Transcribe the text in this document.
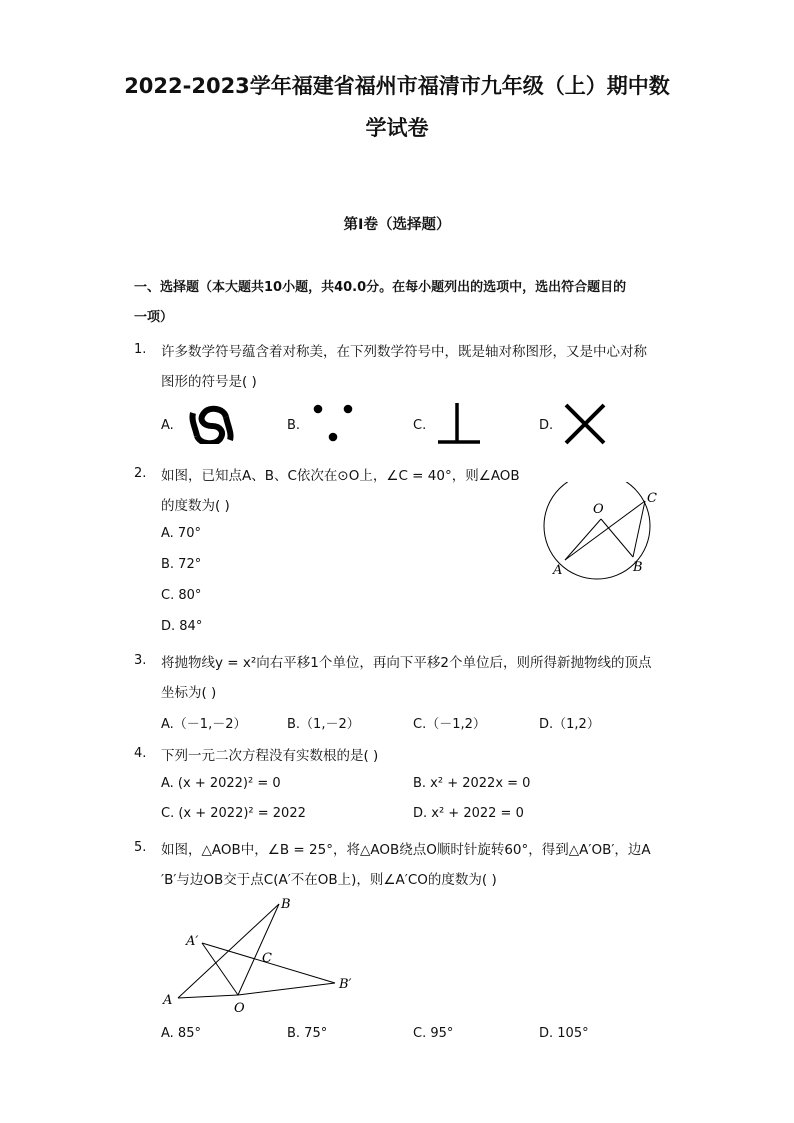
2022-2023学年福建省福州市福清市九年级（上）期中数
学试卷
第Ⅰ卷（选择题）
一、选择题（本大题共10小题，共40.0分。在每小题列出的选项中，选出符合题目的
一项）
1. 许多数学符号蕴含着对称美，在下列数学符号中，既是轴对称图形，又是中心对称
图形的符号是( )
A.	B.	C.	D.
2. 如图，已知点A、B、C依次在⊙O上，∠C = 40°，则∠AOB
的度数为( )
A. 70°
B. 72°
C. 80°
D. 84°
O
C
A	B
3. 将抛物线y = x²向右平移1个单位，再向下平移2个单位后，则所得新抛物线的顶点
坐标为( )
A.（－1,－2）	B.（1,－2）	C.（－1,2）	D.（1,2）
4. 下列一元二次方程没有实数根的是( )
A. (x + 2022)² = 0	B. x² + 2022x = 0
C. (x + 2022)² = 2022	D. x² + 2022 = 0
5. 如图，△AOB中，∠B = 25°，将△AOB绕点O顺时针旋转60°，得到△A′OB′，边A
′B′与边OB交于点C(A′不在OB上)，则∠A′CO的度数为( )
B
A′
C
B′
A
O
A. 85°	B. 75°	C. 95°	D. 105°
